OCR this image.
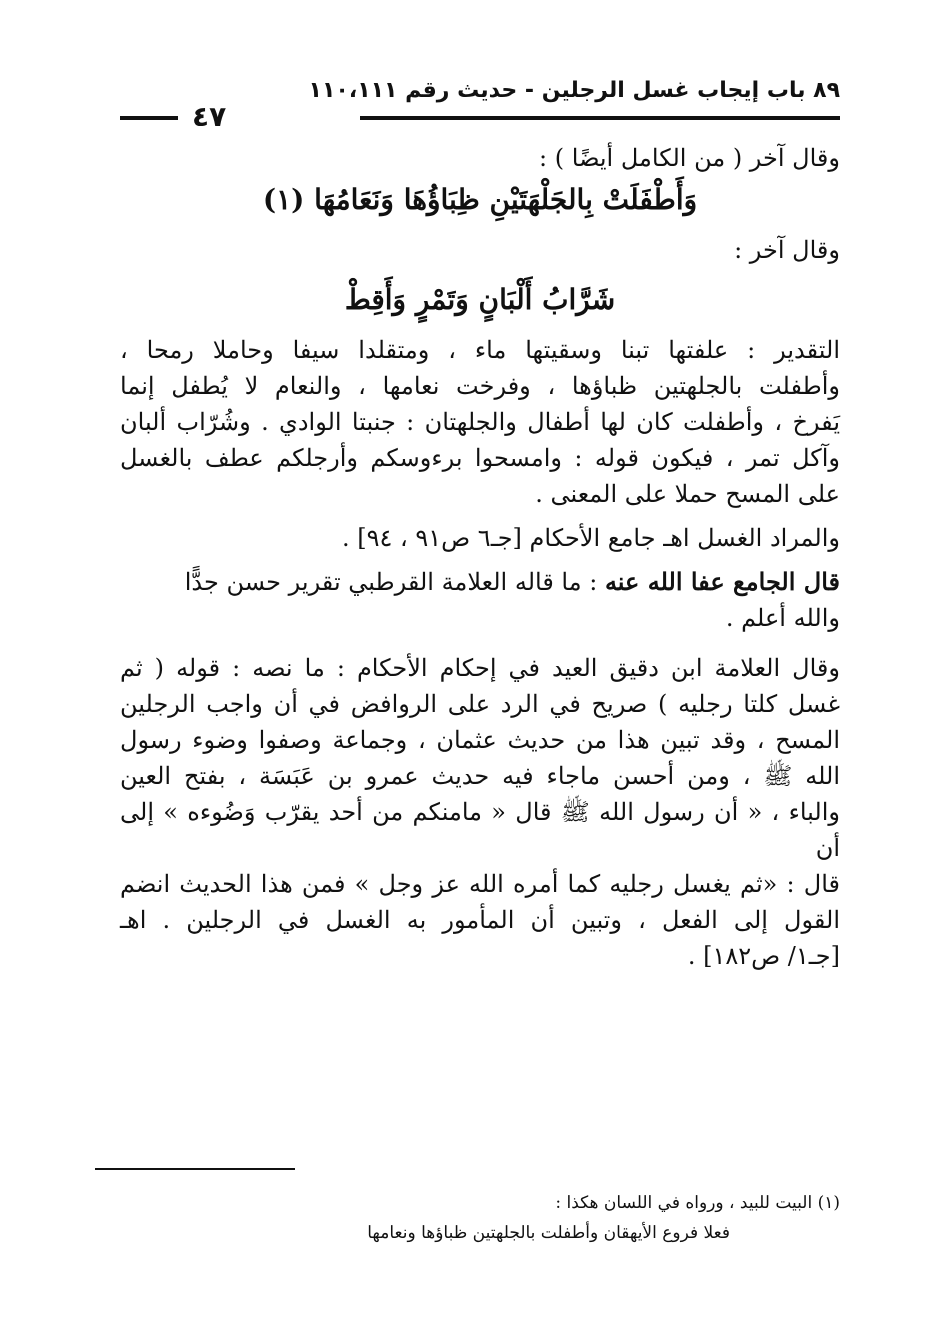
٨٩ باب إيجاب غسل الرجلين - حديث رقم ١١٠،١١١
٤٧
وقال آخر ( من الكامل أيضًا ) :
وَأَطْفَلَتْ بِالجَلْهَتَيْنِ ظِبَاؤُهَا وَنَعَامُهَا (١)
وقال آخر :
شَرَّابُ أَلْبَانٍ وَتَمْرٍ وَأَقِطْ
التقدير : علفتها تبنا وسقيتها ماء ، ومتقلدا سيفا وحاملا رمحا ،
وأطفلت بالجلهتين ظباؤها ، وفرخت نعامها ، والنعام لا يُطفل إنما
يَفرخ ، وأطفلت كان لها أطفال والجلهتان : جنبتا الوادي . وشُرّاب ألبان
وآكل تمر ، فيكون قوله : وامسحوا برءوسكم وأرجلكم عطف بالغسل
على المسح حملا على المعنى .
والمراد الغسل اهـ جامع الأحكام [جـ٦ ص٩١ ، ٩٤] .
قال الجامع عفا الله عنه : ما قاله العلامة القرطبي تقرير حسن جدًّا
والله أعلم .
وقال العلامة ابن دقيق العيد في إحكام الأحكام : ما نصه : قوله ( ثم
غسل كلتا رجليه ) صريح في الرد على الروافض في أن واجب الرجلين
المسح ، وقد تبين هذا من حديث عثمان ، وجماعة وصفوا وضوء رسول
الله ﷺ ، ومن أحسن ماجاء فيه حديث عمرو بن عَبَسَة ، بفتح العين
والباء ، « أن رسول الله ﷺ قال « مامنكم من أحد يقرّب وَضُوءه » إلى أن
قال : «ثم يغسل رجليه كما أمره الله عز وجل » فمن هذا الحديث انضم
القول إلى الفعل ، وتبين أن المأمور به الغسل في الرجلين . اهـ
[جـ١/ ص١٨٢] .
(١) البيت للبيد ، ورواه في اللسان هكذا :
فعلا فروع الأيهقان وأطفلت بالجلهتين ظباؤها ونعامها
